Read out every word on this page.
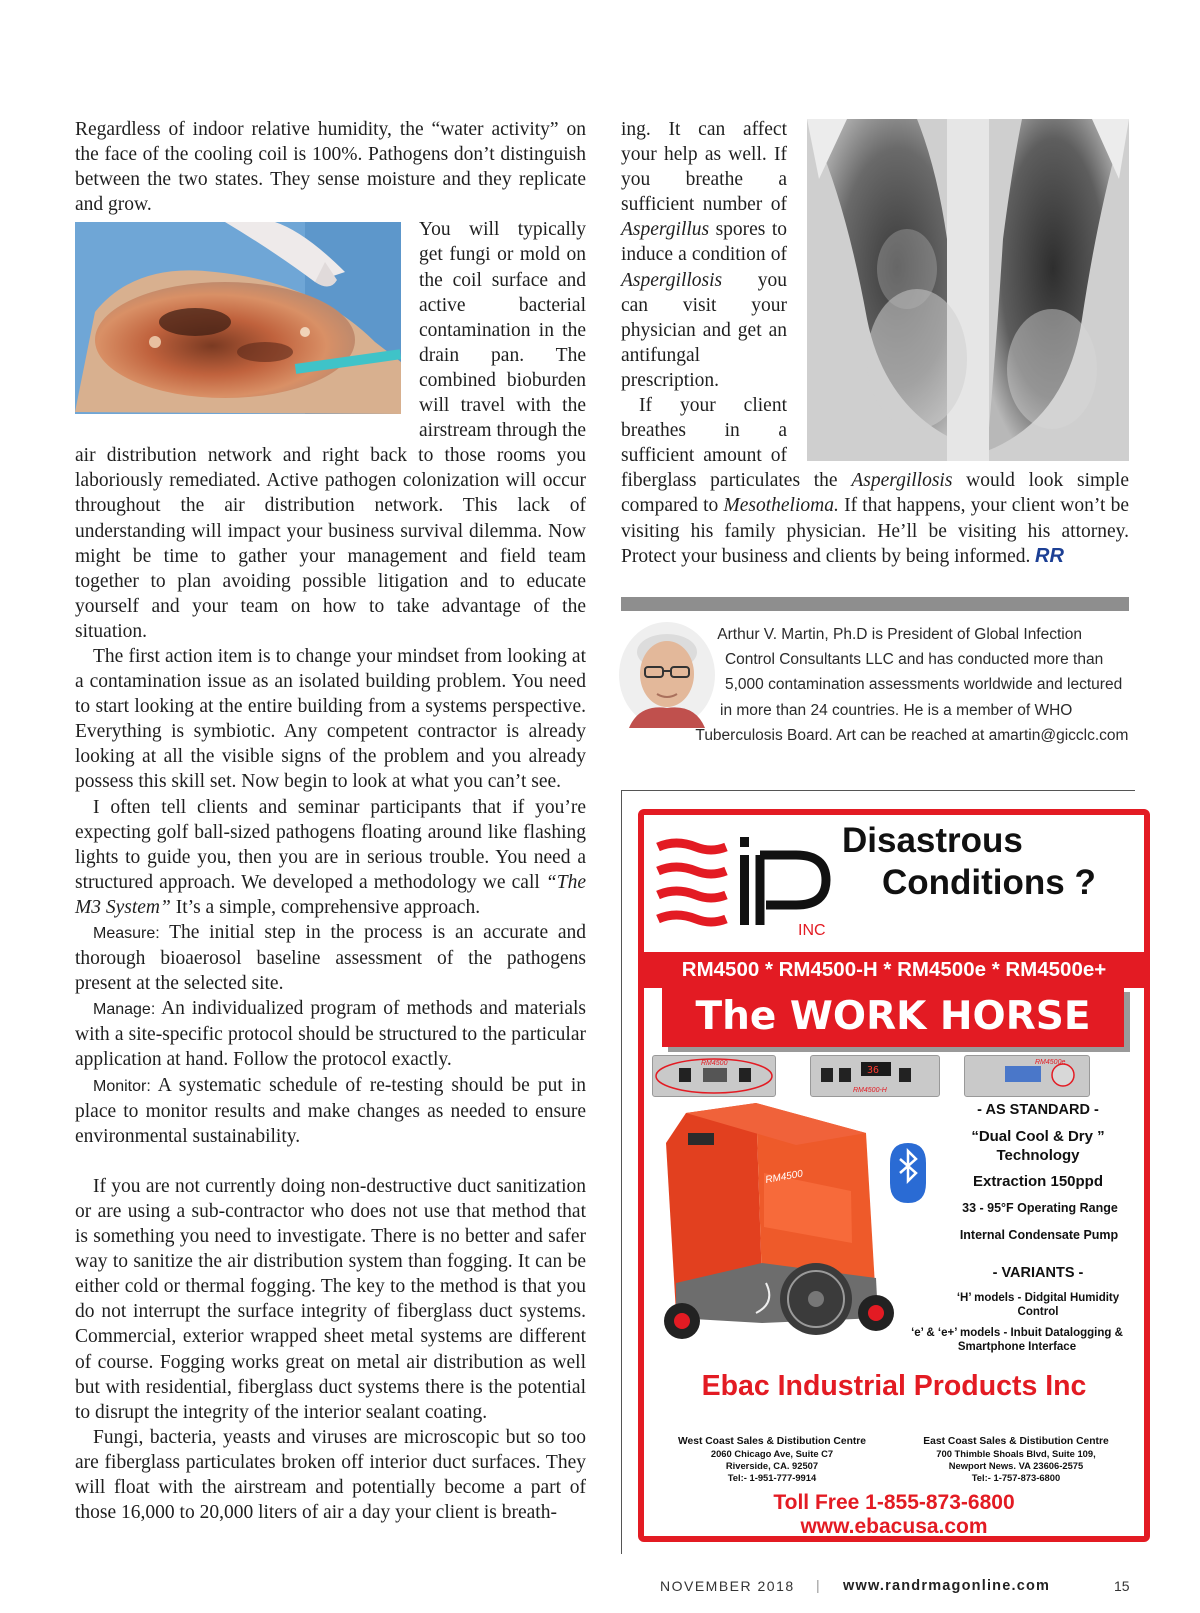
Regardless of indoor relative humidity, the “water activity” on the face of the cooling coil is 100%. Pathogens don’t distinguish between the two states. They sense moisture and they replicate and grow.

You will typically get fungi or mold on the coil surface and active bacterial contamination in the drain pan. The combined bioburden will travel with the airstream through the air distribution network and right back to those rooms you laboriously remediated. Active pathogen colonization will occur throughout the air distribution network. This lack of understanding will impact your business survival dilemma. Now might be time to gather your management and field team together to plan avoiding possible litigation and to educate yourself and your team on how to take advantage of the situation.

The first action item is to change your mindset from looking at a contamination issue as an isolated building problem. You need to start looking at the entire building from a systems perspective. Everything is symbiotic. Any competent contractor is already looking at all the visible signs of the problem and you already possess this skill set. Now begin to look at what you can’t see.

I often tell clients and seminar participants that if you’re expecting golf ball-sized pathogens floating around like flashing lights to guide you, then you are in serious trouble. You need a structured approach. We developed a methodology we call “The M3 System” It’s a simple, comprehensive approach.

Measure: The initial step in the process is an accurate and thorough bioaerosol baseline assessment of the pathogens present at the selected site.

Manage: An individualized program of methods and materials with a site-specific protocol should be structured to the particular application at hand. Follow the protocol exactly.

Monitor: A systematic schedule of re-testing should be put in place to monitor results and make changes as needed to ensure environmental sustainability.

If you are not currently doing non-destructive duct sanitization or are using a sub-contractor who does not use that method that is something you need to investigate. There is no better and safer way to sanitize the air distribution system than fogging. It can be either cold or thermal fogging. The key to the method is that you do not interrupt the surface integrity of fiberglass duct systems. Commercial, exterior wrapped sheet metal systems are different of course. Fogging works great on metal air distribution as well but with residential, fiberglass duct systems there is the potential to disrupt the integrity of the interior sealant coating.

Fungi, bacteria, yeasts and viruses are microscopic but so too are fiberglass particulates broken off interior duct surfaces. They will float with the airstream and potentially become a part of those 16,000 to 20,000 liters of air a day your client is breath-

ing. It can affect your help as well. If you breathe a sufficient number of Aspergillus spores to induce a condition of Aspergillosis you can visit your physician and get an antifungal prescription.

If your client breathes in a sufficient amount of fiberglass particulates the Aspergillosis would look simple compared to Mesothelioma. If that happens, your client won’t be visiting his family physician. He’ll be visiting his attorney. Protect your business and clients by being informed. RR

Arthur V. Martin, Ph.D is President of Global Infection Control Consultants LLC and has conducted more than 5,000 contamination assessments worldwide and lectured in more than 24 countries. He is a member of WHO Tuberculosis Board. Art can be reached at amartin@gicclc.com
INC
Disastrous
Conditions ?
RM4500 * RM4500-H * RM4500e * RM4500e+
The WORK HORSE
RM4500
36
RM4500-H
RM4500e
RM4500
- AS STANDARD -
“Dual Cool & Dry ” Technology
Extraction 150ppd
33 - 95°F Operating Range
Internal Condensate Pump
- VARIANTS -
‘H’ models - Didgital Humidity Control
‘e’ & ‘e+’ models - Inbuit Datalogging & Smartphone Interface
Ebac Industrial Products Inc
West Coast Sales & Distibution Centre
2060 Chicago Ave, Suite C7
Riverside, CA. 92507
Tel:- 1-951-777-9914
East Coast Sales & Distibution Centre
700 Thimble Shoals Blvd, Suite 109,
Newport News. VA 23606-2575
Tel:- 1-757-873-6800
Toll Free 1-855-873-6800
www.ebacusa.com
NOVEMBER 2018 | www.randrmagonline.com	15
